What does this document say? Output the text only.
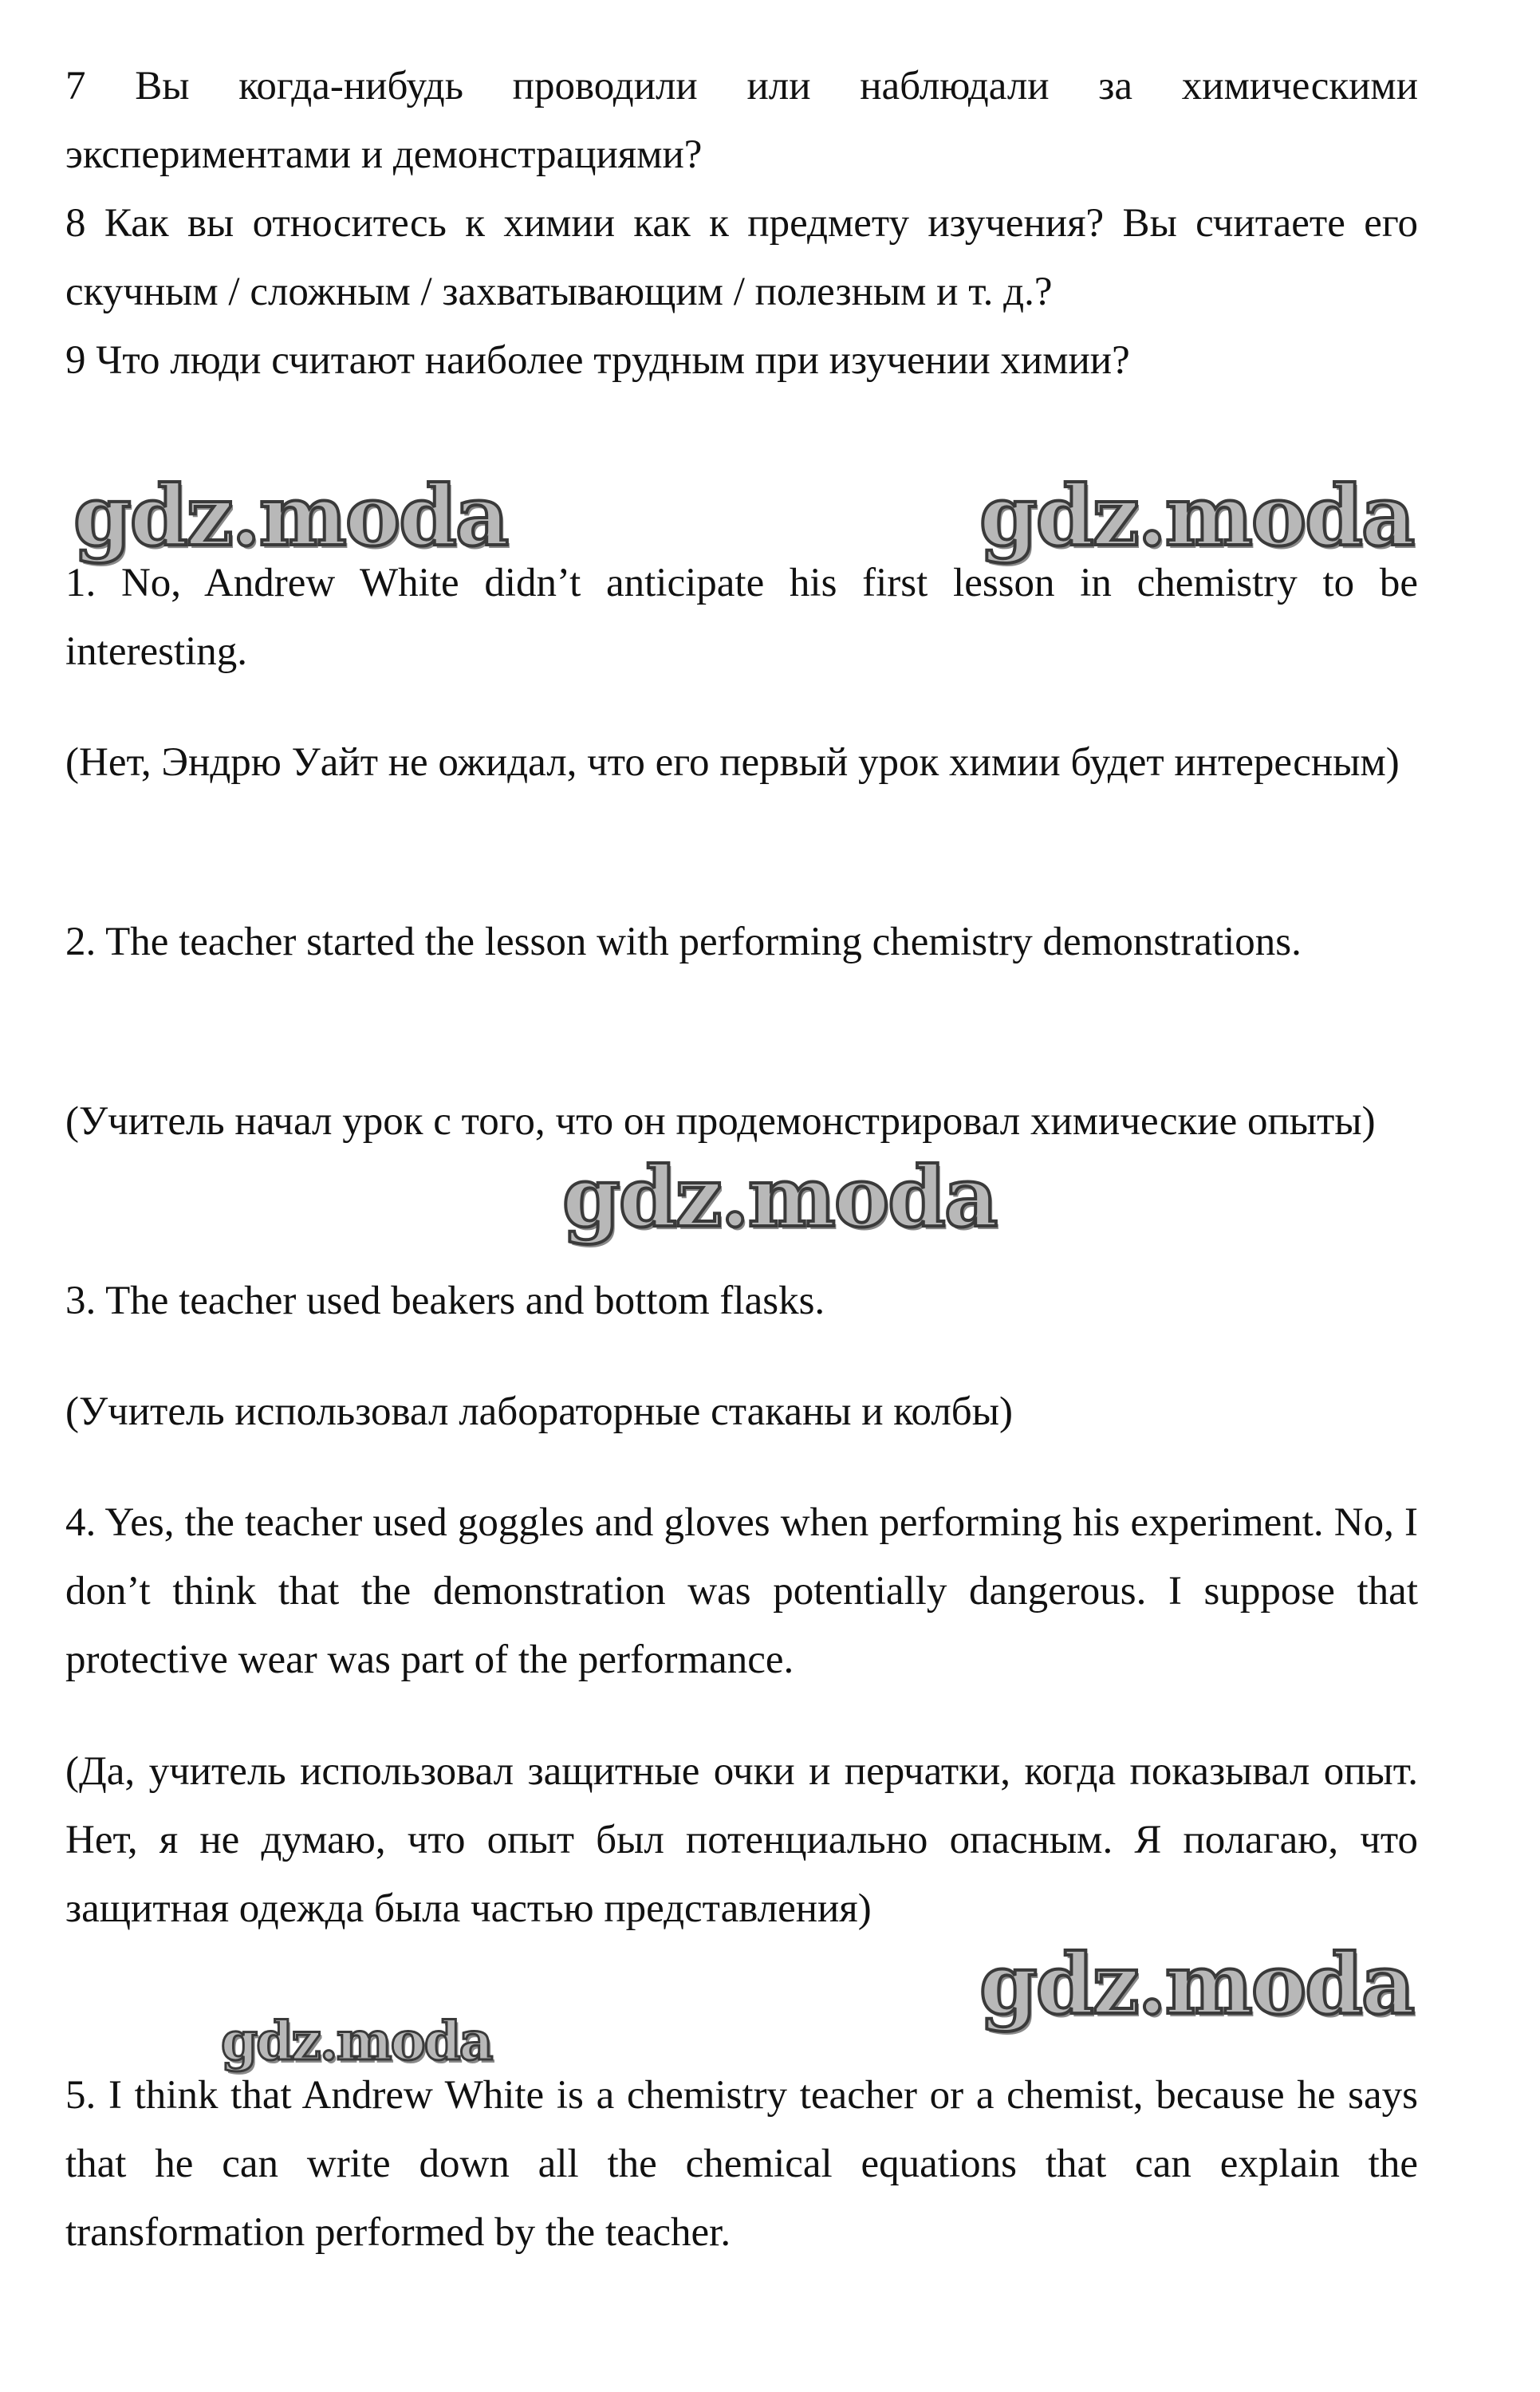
7 Вы когда-нибудь проводили или наблюдали за химическими экспериментами и демонстрациями?

8 Как вы относитесь к химии как к предмету изучения? Вы считаете его скучным / сложным / захватывающим / полезным и т. д.?

9 Что люди считают наиболее трудным при изучении химии?

gdz.moda	gdz.moda

1. No, Andrew White didn’t anticipate his first lesson in chemistry to be interesting.

(Нет, Эндрю Уайт не ожидал, что его первый урок химии будет интересным)

2. The teacher started the lesson with performing chemistry demonstrations.

(Учитель начал урок с того, что он продемонстрировал химические опыты)

gdz.moda

3. The teacher used beakers and bottom flasks.

(Учитель использовал лабораторные стаканы и колбы)

4. Yes, the teacher used goggles and gloves when performing his experiment. No, I don’t think that the demonstration was potentially dangerous. I suppose that protective wear was part of the performance.

(Да, учитель использовал защитные очки и перчатки, когда показывал опыт. Нет, я не думаю, что опыт был потенциально опасным. Я полагаю, что защитная одежда была частью представления)

gdz.moda
gdz.moda

5. I think that Andrew White is a chemistry teacher or a chemist, because he says that he can write down all the chemical equations that can explain the transformation performed by the teacher.
